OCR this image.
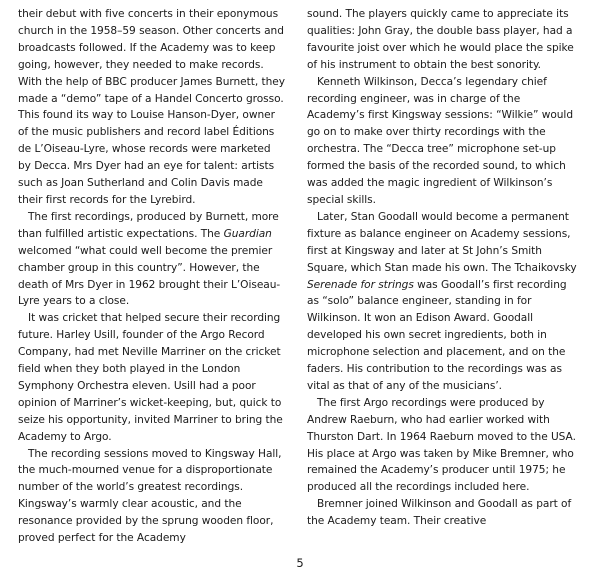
their debut with five concerts in their eponymous church in the 1958–59 season. Other concerts and broadcasts followed. If the Academy was to keep going, however, they needed to make records. With the help of BBC producer James Burnett, they made a “demo” tape of a Handel Concerto grosso. This found its way to Louise Hanson-Dyer, owner of the music publishers and record label Éditions de L’Oiseau-Lyre, whose records were marketed by Decca. Mrs Dyer had an eye for talent: artists such as Joan Sutherland and Colin Davis made their first records for the Lyrebird.

The first recordings, produced by Burnett, more than fulfilled artistic expectations. The Guardian welcomed “what could well become the premier chamber group in this country”. However, the death of Mrs Dyer in 1962 brought their L’Oiseau-Lyre years to a close.

It was cricket that helped secure their recording future. Harley Usill, founder of the Argo Record Company, had met Neville Marriner on the cricket field when they both played in the London Symphony Orchestra eleven. Usill had a poor opinion of Marriner’s wicket-keeping, but, quick to seize his opportunity, invited Marriner to bring the Academy to Argo.

The recording sessions moved to Kingsway Hall, the much-mourned venue for a disproportionate number of the world’s greatest recordings. Kingsway’s warmly clear acoustic, and the resonance provided by the sprung wooden floor, proved perfect for the Academy

sound. The players quickly came to appreciate its qualities: John Gray, the double bass player, had a favourite joist over which he would place the spike of his instrument to obtain the best sonority.

Kenneth Wilkinson, Decca’s legendary chief recording engineer, was in charge of the Academy’s first Kingsway sessions: “Wilkie” would go on to make over thirty recordings with the orchestra. The “Decca tree” microphone set-up formed the basis of the recorded sound, to which was added the magic ingredient of Wilkinson’s special skills.

Later, Stan Goodall would become a permanent fixture as balance engineer on Academy sessions, first at Kingsway and later at St John’s Smith Square, which Stan made his own. The Tchaikovsky Serenade for strings was Goodall’s first recording as “solo” balance engineer, standing in for Wilkinson. It won an Edison Award. Goodall developed his own secret ingredients, both in microphone selection and placement, and on the faders. His contribution to the recordings was as vital as that of any of the musicians’.

The first Argo recordings were produced by Andrew Raeburn, who had earlier worked with Thurston Dart. In 1964 Raeburn moved to the USA. His place at Argo was taken by Mike Bremner, who remained the Academy’s producer until 1975; he produced all the recordings included here.

Bremner joined Wilkinson and Goodall as part of the Academy team. Their creative

5
